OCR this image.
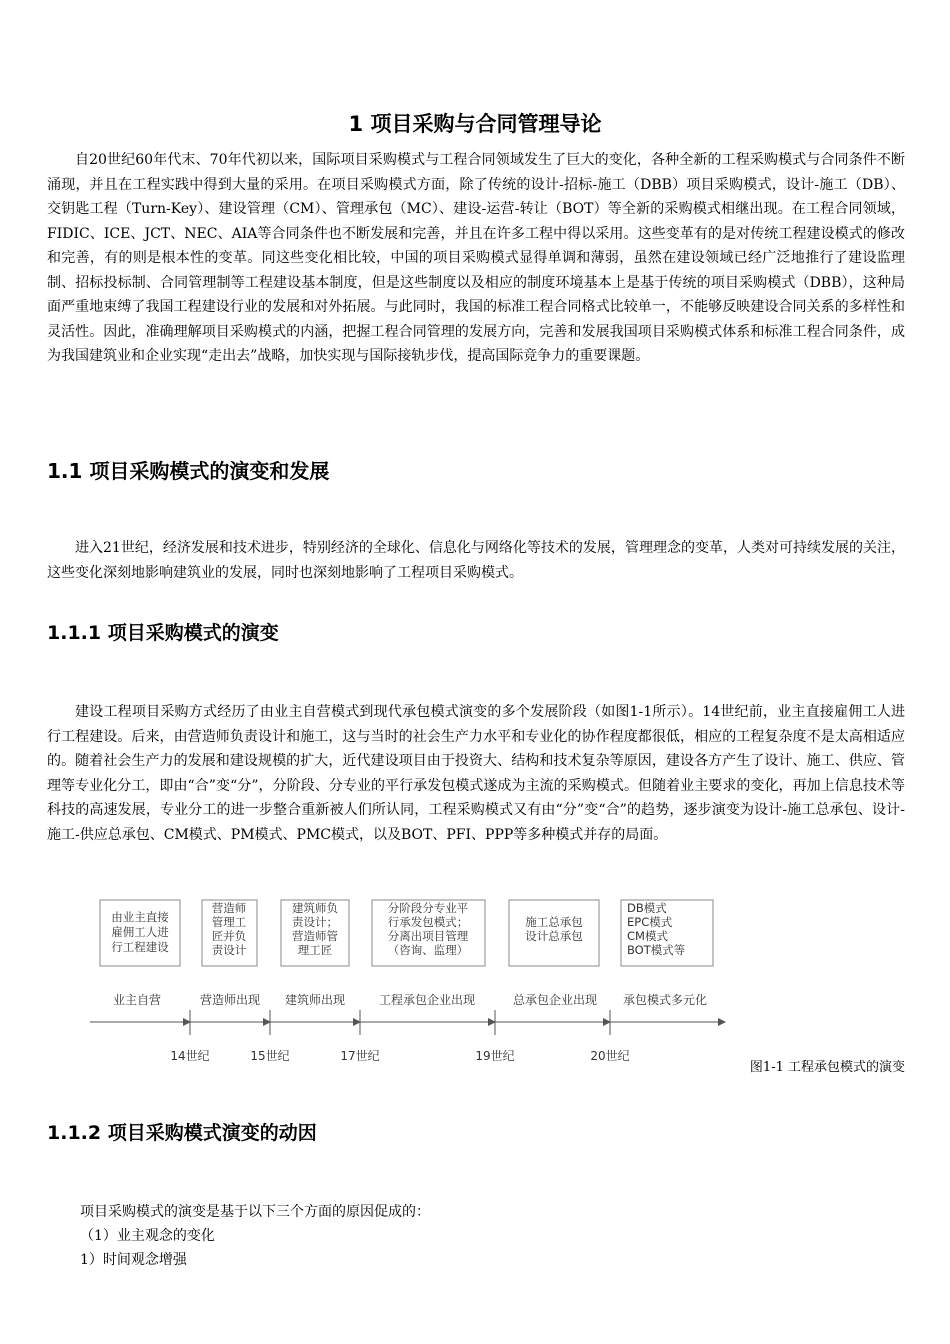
1 项目采购与合同管理导论

自20世纪60年代末、70年代初以来，国际项目采购模式与工程合同领域发生了巨大的变化，各种全新的工程采购模式与合同条件不断涌现，并且在工程实践中得到大量的采用。在项目采购模式方面，除了传统的设计-招标-施工（DBB）项目采购模式，设计-施工（DB）、交钥匙工程（Turn-Key）、建设管理（CM）、管理承包（MC）、建设-运营-转让（BOT）等全新的采购模式相继出现。在工程合同领域，FIDIC、ICE、JCT、NEC、AIA等合同条件也不断发展和完善，并且在许多工程中得以采用。这些变革有的是对传统工程建设模式的修改和完善，有的则是根本性的变革。同这些变化相比较，中国的项目采购模式显得单调和薄弱，虽然在建设领域已经广泛地推行了建设监理制、招标投标制、合同管理制等工程建设基本制度，但是这些制度以及相应的制度环境基本上是基于传统的项目采购模式（DBB），这种局面严重地束缚了我国工程建设行业的发展和对外拓展。与此同时，我国的标准工程合同格式比较单一，不能够反映建设合同关系的多样性和灵活性。因此，准确理解项目采购模式的内涵，把握工程合同管理的发展方向，完善和发展我国项目采购模式体系和标准工程合同条件，成为我国建筑业和企业实现“走出去”战略，加快实现与国际接轨步伐，提高国际竞争力的重要课题。

1.1 项目采购模式的演变和发展

进入21世纪，经济发展和技术进步，特别经济的全球化、信息化与网络化等技术的发展，管理理念的变革，人类对可持续发展的关注，这些变化深刻地影响建筑业的发展，同时也深刻地影响了工程项目采购模式。

1.1.1 项目采购模式的演变

建设工程项目采购方式经历了由业主自营模式到现代承包模式演变的多个发展阶段（如图1-1所示）。14世纪前，业主直接雇佣工人进行工程建设。后来，由营造师负责设计和施工，这与当时的社会生产力水平和专业化的协作程度都很低，相应的工程复杂度不是太高相适应的。随着社会生产力的发展和建设规模的扩大，近代建设项目由于投资大、结构和技术复杂等原因，建设各方产生了设计、施工、供应、管理等专业化分工，即由“合”变“分”，分阶段、分专业的平行承发包模式遂成为主流的采购模式。但随着业主要求的变化，再加上信息技术等科技的高速发展，专业分工的进一步整合重新被人们所认同，工程采购模式又有由“分”变“合”的趋势，逐步演变为设计-施工总承包、设计-施工-供应总承包、CM模式、PM模式、PMC模式，以及BOT、PFI、PPP等多种模式并存的局面。

由业主直接
雇佣工人进
行工程建设
营造师
管理工
匠并负
责设计
建筑师负
责设计；
营造师管
理工匠
分阶段分专业平
行承发包模式；
分离出项目管理
（咨询、监理）
施工总承包
设计总承包
DB模式
EPC模式
CM模式
BOT模式等
业主自营	营造师出现 建筑师出现	工程承包企业出现	总承包企业出现 承包模式多元化
14世纪	15世纪	17世纪	19世纪	20世纪
图1-1 工程承包模式的演变
1.1.2 项目采购模式演变的动因

项目采购模式的演变是基于以下三个方面的原因促成的：

（1）业主观念的变化

1）时间观念增强
